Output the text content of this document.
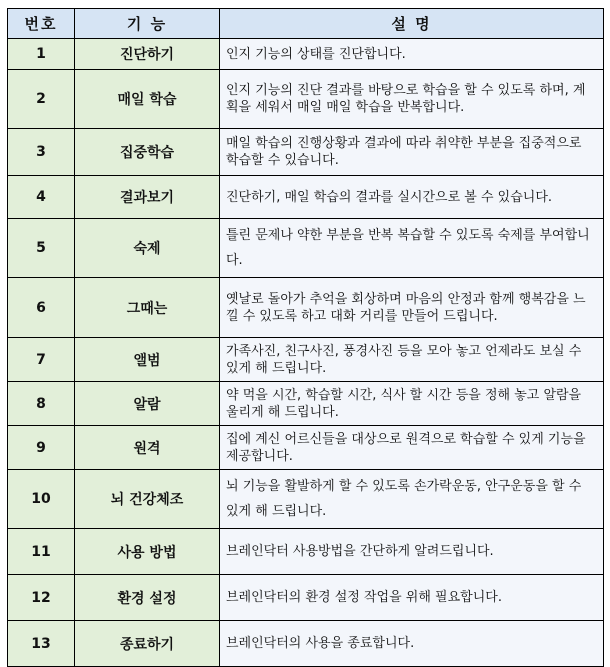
번호	기 능	설 명
1	진단하기	인지 기능의 상태를 진단합니다.
2	매일 학습	인지 기능의 진단 결과를 바탕으로 학습을 할 수 있도록 하며, 계획을 세워서 매일 매일 학습을 반복합니다.
3	집중학습	매일 학습의 진행상황과 결과에 따라 취약한 부분을 집중적으로 학습할 수 있습니다.
4	결과보기	진단하기, 매일 학습의 결과를 실시간으로 볼 수 있습니다.
5	숙제	틀린 문제나 약한 부분을 반복 복습할 수 있도록 숙제를 부여합니다.
6	그때는	옛날로 돌아가 추억을 회상하며 마음의 안정과 함께 행복감을 느낄 수 있도록 하고 대화 거리를 만들어 드립니다.
7	앨범	가족사진, 친구사진, 풍경사진 등을 모아 놓고 언제라도 보실 수 있게 해 드립니다.
8	알람	약 먹을 시간, 학습할 시간, 식사 할 시간 등을 정해 놓고 알람을 울리게 해 드립니다.
9	원격	집에 계신 어르신들을 대상으로 원격으로 학습할 수 있게 기능을 제공합니다.
10	뇌 건강체조	뇌 기능을 활발하게 할 수 있도록 손가락운동, 안구운동을 할 수 있게 해 드립니다.
11	사용 방법	브레인닥터 사용방법을 간단하게 알려드립니다.
12	환경 설정	브레인닥터의 환경 설정 작업을 위해 필요합니다.
13	종료하기	브레인닥터의 사용을 종료합니다.
